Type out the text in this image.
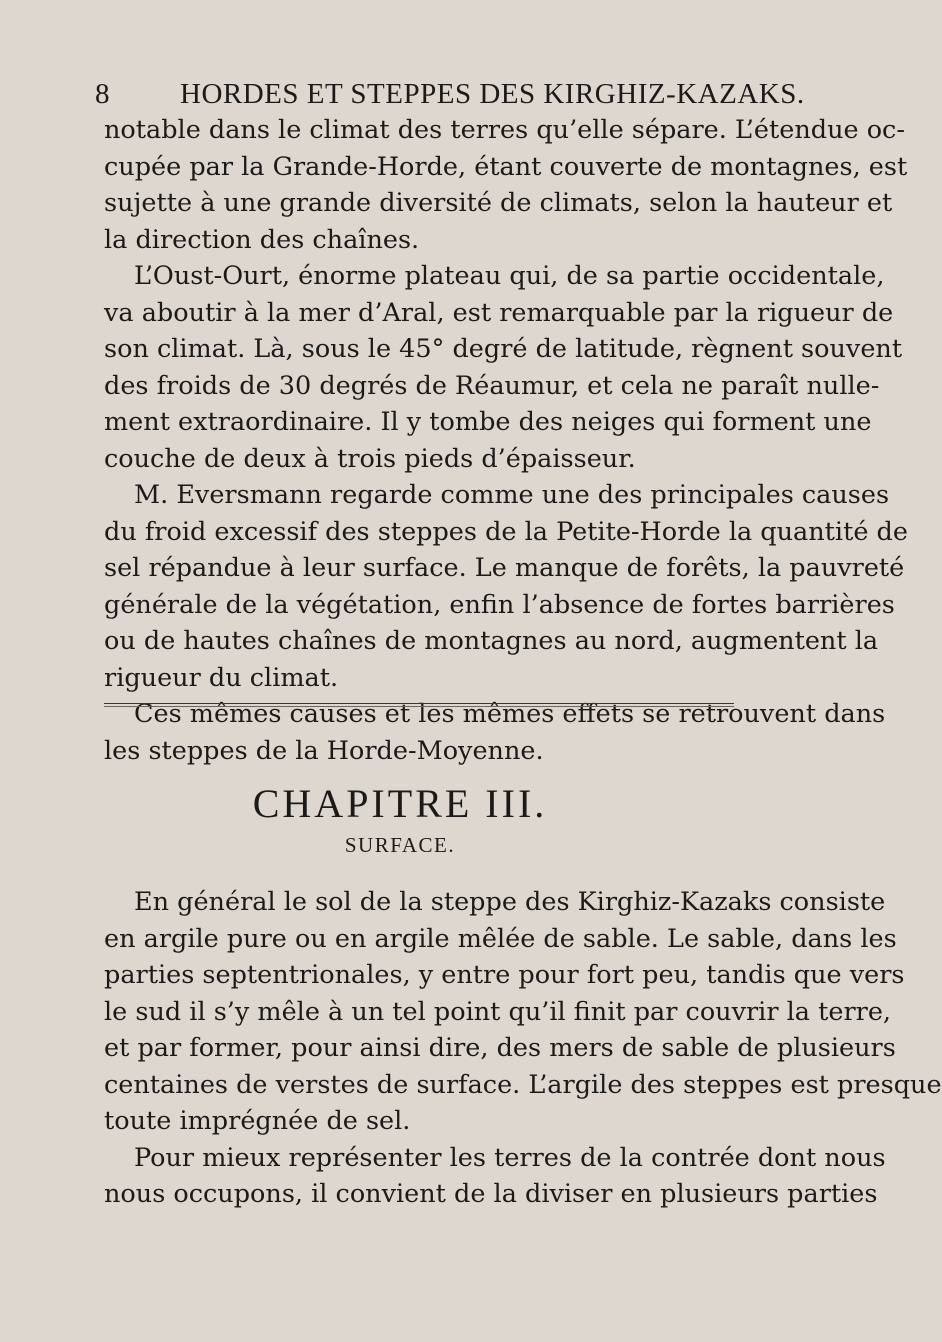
8 HORDES ET STEPPES DES KIRGHIZ-KAZAKS.
notable dans le climat des terres qu’elle sépare. L’étendue oc-
cupée par la Grande-Horde, étant couverte de montagnes, est
sujette à une grande diversité de climats, selon la hauteur et
la direction des chaînes.
L’Oust-Ourt, énorme plateau qui, de sa partie occidentale,
va aboutir à la mer d’Aral, est remarquable par la rigueur de
son climat. Là, sous le 45° degré de latitude, règnent souvent
des froids de 30 degrés de Réaumur, et cela ne paraît nulle-
ment extraordinaire. Il y tombe des neiges qui forment une
couche de deux à trois pieds d’épaisseur.
M. Eversmann regarde comme une des principales causes
du froid excessif des steppes de la Petite-Horde la quantité de
sel répandue à leur surface. Le manque de forêts, la pauvreté
générale de la végétation, enfin l’absence de fortes barrières
ou de hautes chaînes de montagnes au nord, augmentent la
rigueur du climat.
Ces mêmes causes et les mêmes effets se retrouvent dans
les steppes de la Horde-Moyenne.
CHAPITRE III.
SURFACE.
En général le sol de la steppe des Kirghiz-Kazaks consiste
en argile pure ou en argile mêlée de sable. Le sable, dans les
parties septentrionales, y entre pour fort peu, tandis que vers
le sud il s’y mêle à un tel point qu’il finit par couvrir la terre,
et par former, pour ainsi dire, des mers de sable de plusieurs
centaines de verstes de surface. L’argile des steppes est presque
toute imprégnée de sel.
Pour mieux représenter les terres de la contrée dont nous
nous occupons, il convient de la diviser en plusieurs parties
